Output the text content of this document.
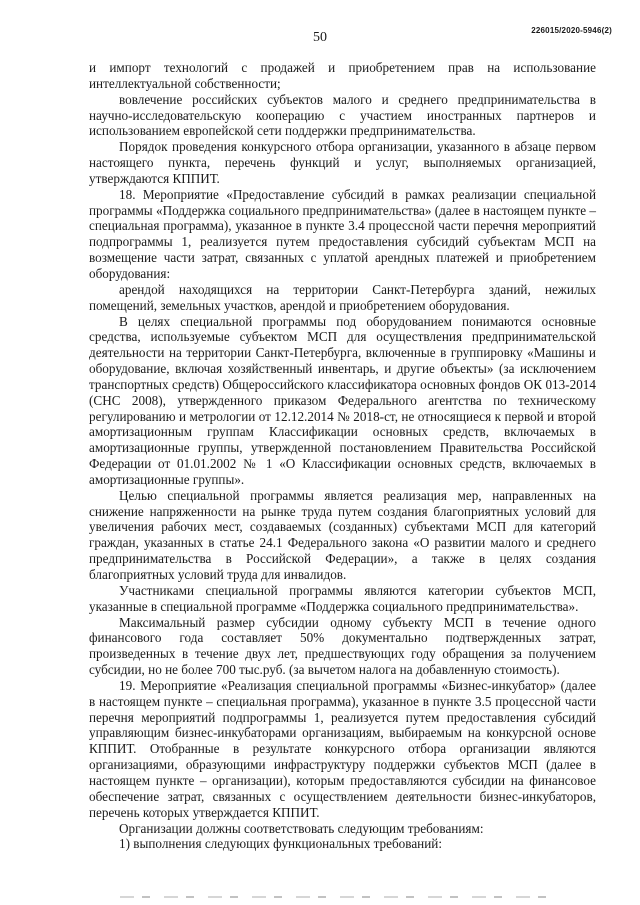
50	226015/2020-5946(2)

и импорт технологий с продажей и приобретением прав на использование интеллектуальной собственности;

вовлечение российских субъектов малого и среднего предпринимательства в научно-исследовательскую кооперацию с участием иностранных партнеров и использованием европейской сети поддержки предпринимательства.

Порядок проведения конкурсного отбора организации, указанного в абзаце первом настоящего пункта, перечень функций и услуг, выполняемых организацией, утверждаются КППИТ.

18. Мероприятие «Предоставление субсидий в рамках реализации специальной программы «Поддержка социального предпринимательства» (далее в настоящем пункте – специальная программа), указанное в пункте 3.4 процессной части перечня мероприятий подпрограммы 1, реализуется путем предоставления субсидий субъектам МСП на возмещение части затрат, связанных с уплатой арендных платежей и приобретением оборудования:

арендой находящихся на территории Санкт-Петербурга зданий, нежилых помещений, земельных участков, арендой и приобретением оборудования.

В целях специальной программы под оборудованием понимаются основные средства, используемые субъектом МСП для осуществления предпринимательской деятельности на территории Санкт-Петербурга, включенные в группировку «Машины и оборудование, включая хозяйственный инвентарь, и другие объекты» (за исключением транспортных средств) Общероссийского классификатора основных фондов ОК 013-2014 (СНС 2008), утвержденного приказом Федерального агентства по техническому регулированию и метрологии от 12.12.2014 № 2018-ст, не относящиеся к первой и второй амортизационным группам Классификации основных средств, включаемых в амортизационные группы, утвержденной постановлением Правительства Российской Федерации от 01.01.2002 № 1 «О Классификации основных средств, включаемых в амортизационные группы».

Целью специальной программы является реализация мер, направленных на снижение напряженности на рынке труда путем создания благоприятных условий для увеличения рабочих мест, создаваемых (созданных) субъектами МСП для категорий граждан, указанных в статье 24.1 Федерального закона «О развитии малого и среднего предпринимательства в Российской Федерации», а также в целях создания благоприятных условий труда для инвалидов.

Участниками специальной программы являются категории субъектов МСП, указанные в специальной программе «Поддержка социального предпринимательства».

Максимальный размер субсидии одному субъекту МСП в течение одного финансового года составляет 50% документально подтвержденных затрат, произведенных в течение двух лет, предшествующих году обращения за получением субсидии, но не более 700 тыс.руб. (за вычетом налога на добавленную стоимость).

19. Мероприятие «Реализация специальной программы «Бизнес-инкубатор» (далее в настоящем пункте – специальная программа), указанное в пункте 3.5 процессной части перечня мероприятий подпрограммы 1, реализуется путем предоставления субсидий управляющим бизнес-инкубаторами организациям, выбираемым на конкурсной основе КППИТ. Отобранные в результате конкурсного отбора организации являются организациями, образующими инфраструктуру поддержки субъектов МСП (далее в настоящем пункте – организации), которым предоставляются субсидии на финансовое обеспечение затрат, связанных с осуществлением деятельности бизнес-инкубаторов, перечень которых утверждается КППИТ.

Организации должны соответствовать следующим требованиям:

1) выполнения следующих функциональных требований:
